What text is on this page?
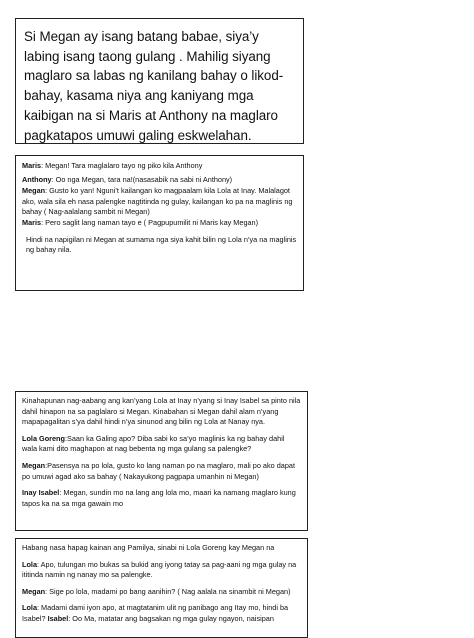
Si Megan ay isang batang babae, siya’y labing isang taong gulang . Mahilig siyang maglaro sa labas ng kanilang bahay o likod-bahay, kasama niya ang kaniyang mga kaibigan na si Maris at Anthony na maglaro pagkatapos umuwi galing eskwelahan.

Maris: Megan! Tara maglalaro tayo ng piko kila Anthony

Anthony: Oo nga Megan, tara na!(nasasabik na sabi ni Anthony)

Megan: Gusto ko yan! Nguni’t kailangan ko magpaalam kila Lola at Inay. Malalagot ako, wala sila eh nasa palengke nagtitinda ng gulay, kailangan ko pa na maglinis ng bahay ( Nag-aalalang sambit ni Megan)

Maris: Pero saglit lang naman tayo e ( Pagpupumilit ni Maris kay Megan)

Hindi na napigilan ni Megan at sumama nga siya kahit bilin ng Lola n’ya na maglinis ng bahay nila.

Kinahapunan nag-aabang ang kan’yang Lola at Inay n’yang si Inay Isabel sa pinto nila dahil hinapon na sa paglalaro si Megan. Kinabahan si Megan dahil alam n’yang mapapagalitan s’ya dahil hindi n’ya sinunod ang bilin ng Lola at Nanay nya.

Lola Goreng:Saan ka Galing apo? Diba sabi ko sa’yo maglinis ka ng bahay dahil wala kami dito maghapon at nag bebenta ng mga gulang sa palengke?

Megan:Pasensya na po lola, gusto ko lang naman po na maglaro, mali po ako dapat po umuwi agad ako sa bahay ( Nakayukong pagpapa umanhin ni Megan)

Inay Isabel: Megan, sundin mo na lang ang lola mo, maari ka namang maglaro kung tapos ka na sa mga gawain mo

Habang nasa hapag kainan ang Pamilya, sinabi ni Lola Goreng kay Megan na

Lola: Apo, tulungan mo bukas sa bukid ang iyong tatay sa pag-aani ng mga gulay na ititinda namin ng nanay mo sa palengke.

Megan: Sige po lola, madami po bang aanihin? ( Nag aalala na sinambit ni Megan)

Lola: Madami dami iyon apo, at magtatanim ulit ng panibago ang Itay mo, hindi ba Isabel? Isabel: Oo Ma, matatar ang bagsakan ng mga gulay ngayon, naisipan
